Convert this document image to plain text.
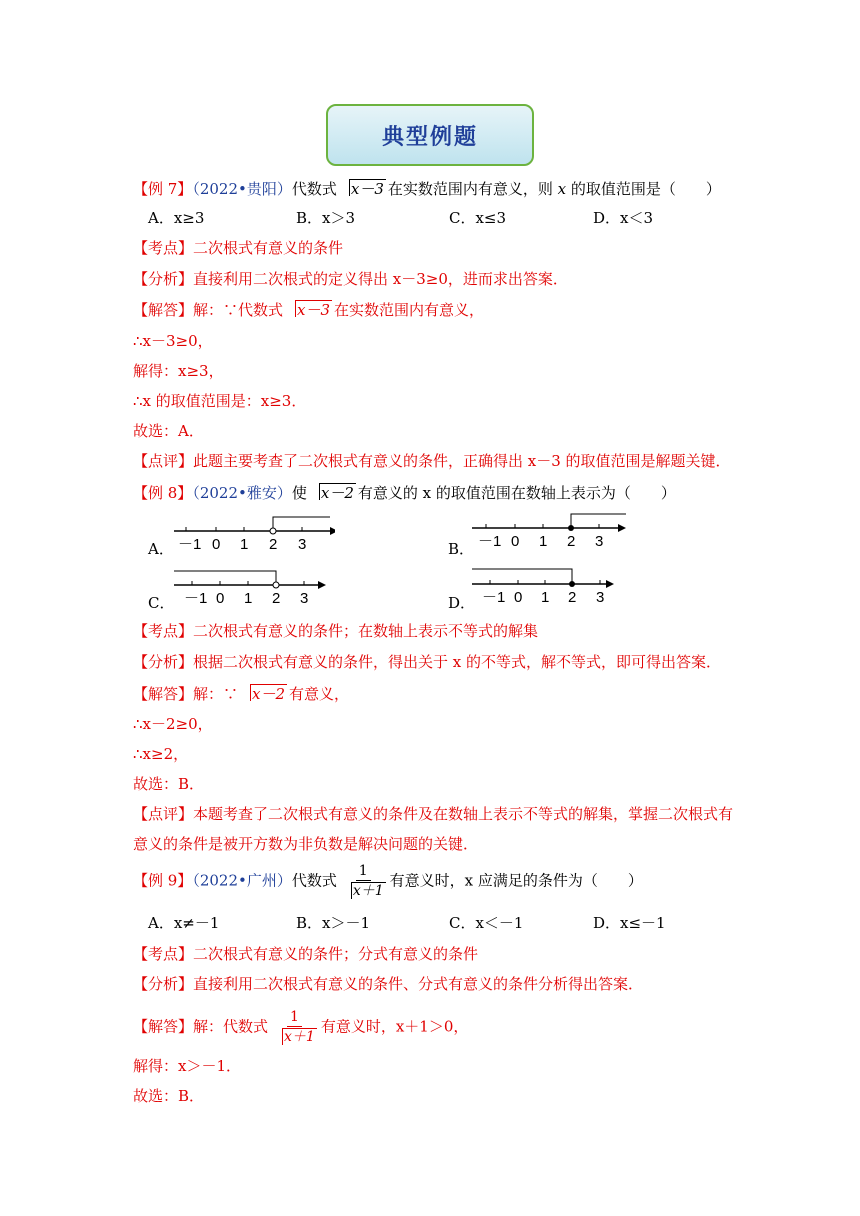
典型例题
【例 7】（2022•贵阳）代数式 x－3 在实数范围内有意义，则 x 的取值范围是（　　）
A．x≥3	B．x＞3	C．x≤3	D．x＜3
【考点】二次根式有意义的条件
【分析】直接利用二次根式的定义得出 x－3≥0，进而求出答案．
【解答】解：∵代数式 x－3 在实数范围内有意义，
∴x－3≥0，
解得：x≥3，
∴x 的取值范围是：x≥3．
故选：A．
【点评】此题主要考查了二次根式有意义的条件，正确得出 x－3 的取值范围是解题关键．
【例 8】（2022•雅安）使 x－2 有意义的 x 的取值范围在数轴上表示为（　　）
A．	B．
C．	D．
－1 0 1 2 3	－1 0 1 2 3
－1 0 1 2 3	－1 0 1 2 3
【考点】二次根式有意义的条件；在数轴上表示不等式的解集
【分析】根据二次根式有意义的条件，得出关于 x 的不等式，解不等式，即可得出答案．
【解答】解：∵ x－2 有意义，
∴x－2≥0，
∴x≥2，
故选：B．
【点评】本题考查了二次根式有意义的条件及在数轴上表示不等式的解集，掌握二次根式有
意义的条件是被开方数为非负数是解决问题的关键．
【例 9】（2022•广州）代数式 $\frac{1}{x+1}$ 有意义时，x 应满足的条件为（　　）
A．x≠－1	B．x＞－1	C．x＜－1	D．x≤－1
【考点】二次根式有意义的条件；分式有意义的条件
【分析】直接利用二次根式有意义的条件、分式有意义的条件分析得出答案．
【解答】解：代数式 $\frac{1}{x+1}$ 有意义时，x＋1＞0，
解得：x＞－1．
故选：B．
